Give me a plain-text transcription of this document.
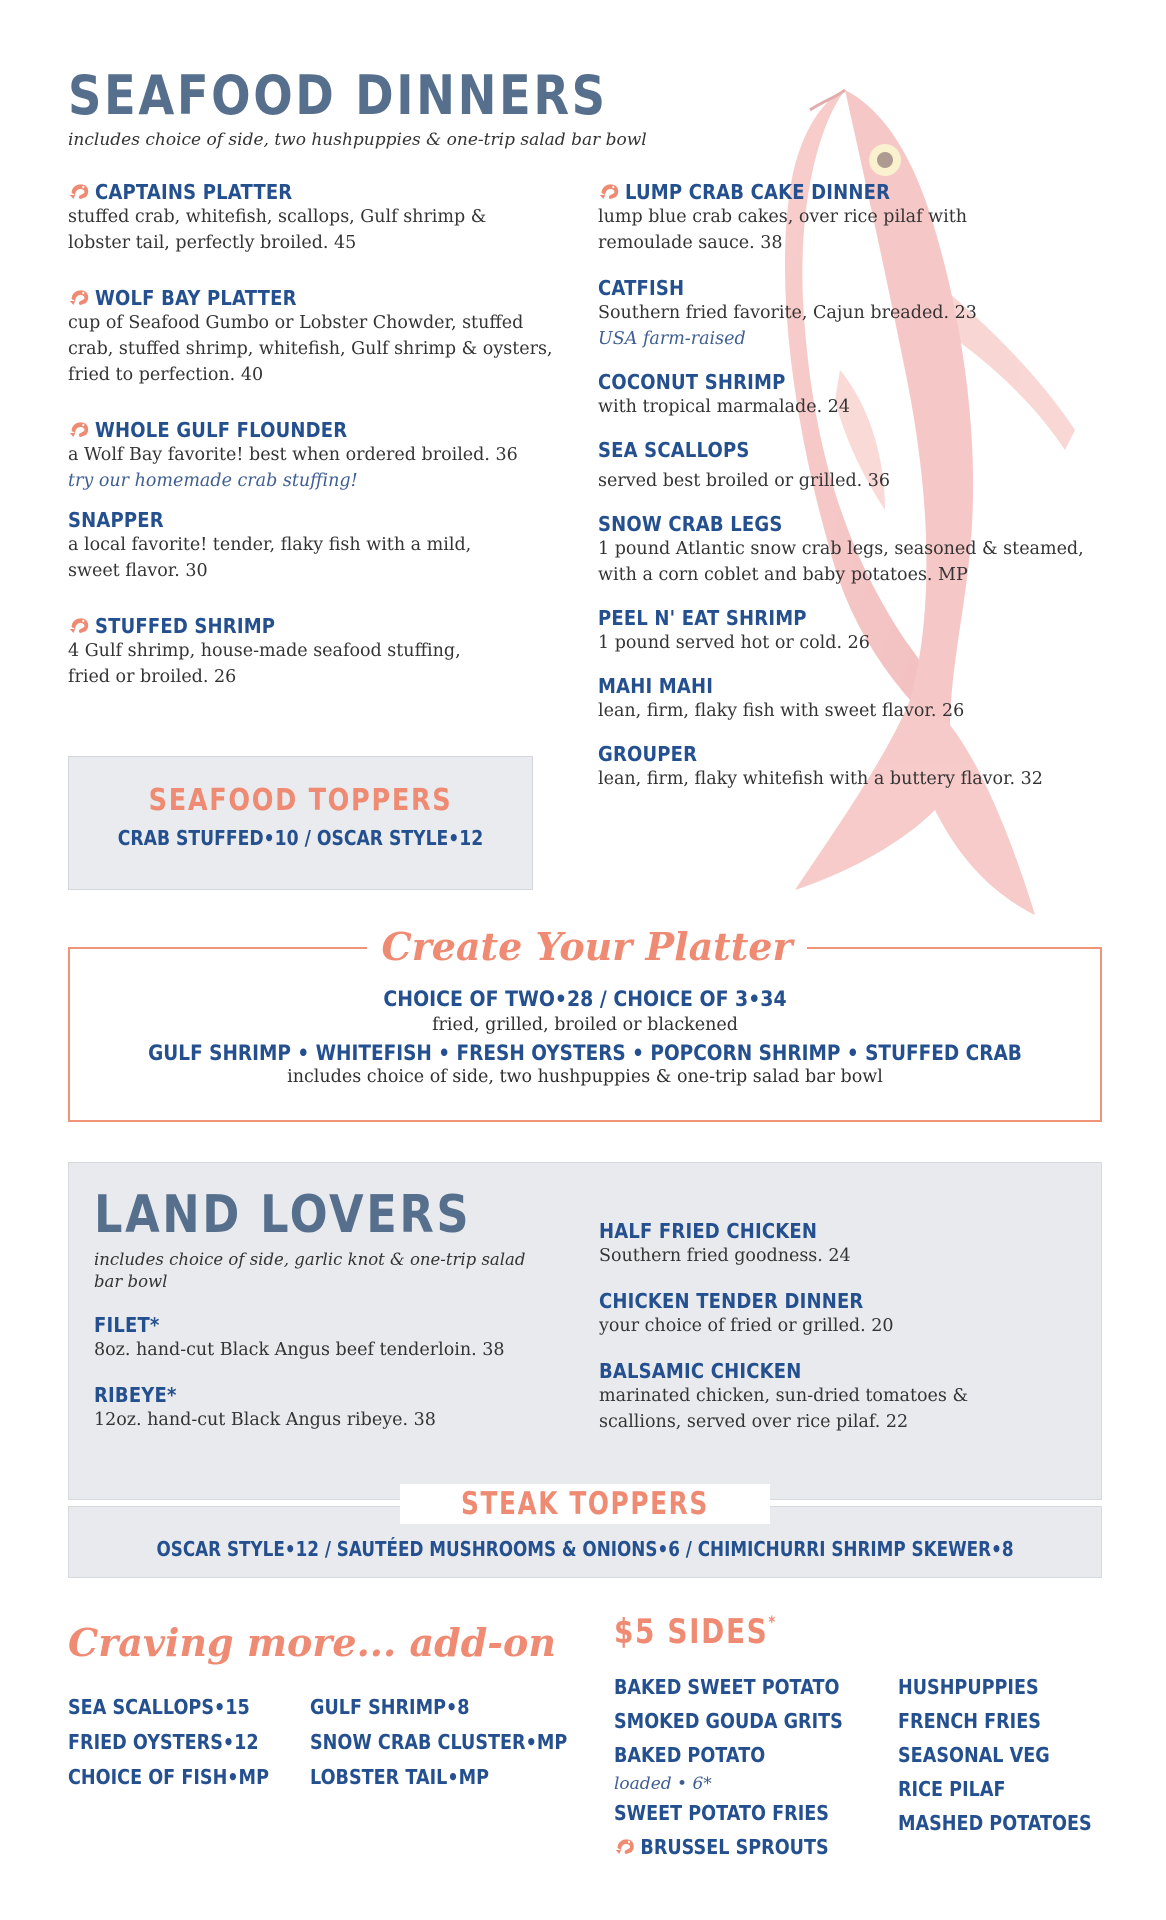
SEAFOOD DINNERS
includes choice of side, two hushpuppies & one-trip salad bar bowl
CAPTAINS PLATTER
stuffed crab, whitefish, scallops, Gulf shrimp & lobster tail, perfectly broiled. 45
WOLF BAY PLATTER
cup of Seafood Gumbo or Lobster Chowder, stuffed crab, stuffed shrimp, whitefish, Gulf shrimp & oysters, fried to perfection. 40
WHOLE GULF FLOUNDER
a Wolf Bay favorite! best when ordered broiled. 36
try our homemade crab stuffing!
SNAPPER
a local favorite! tender, flaky fish with a mild, sweet flavor. 30
STUFFED SHRIMP
4 Gulf shrimp, house-made seafood stuffing, fried or broiled. 26
LUMP CRAB CAKE DINNER
lump blue crab cakes, over rice pilaf with remoulade sauce. 38
CATFISH
Southern fried favorite, Cajun breaded. 23
USA farm-raised
COCONUT SHRIMP
with tropical marmalade. 24
SEA SCALLOPS
served best broiled or grilled. 36
SNOW CRAB LEGS
1 pound Atlantic snow crab legs, seasoned & steamed, with a corn coblet and baby potatoes. MP
PEEL N' EAT SHRIMP
1 pound served hot or cold. 26
MAHI MAHI
lean, firm, flaky fish with sweet flavor. 26
GROUPER
lean, firm, flaky whitefish with a buttery flavor. 32
SEAFOOD TOPPERS
CRAB STUFFED•10 / OSCAR STYLE•12
CHOICE OF TWO•28 / CHOICE OF 3•34
fried, grilled, broiled or blackened
GULF SHRIMP • WHITEFISH • FRESH OYSTERS • POPCORN SHRIMP • STUFFED CRAB
includes choice of side, two hushpuppies & one-trip salad bar bowl
Create Your Platter
LAND LOVERS
includes choice of side, garlic knot & one-trip salad bar bowl
FILET*
8oz. hand-cut Black Angus beef tenderloin. 38
RIBEYE*
12oz. hand-cut Black Angus ribeye. 38
HALF FRIED CHICKEN
Southern fried goodness. 24
CHICKEN TENDER DINNER
your choice of fried or grilled. 20
BALSAMIC CHICKEN
marinated chicken, sun-dried tomatoes & scallions, served over rice pilaf. 22
OSCAR STYLE•12 / SAUTÉED MUSHROOMS & ONIONS•6 / CHIMICHURRI SHRIMP SKEWER•8
STEAK TOPPERS
Craving more... add-on
SEA SCALLOPS•15
FRIED OYSTERS•12
CHOICE OF FISH•MP
GULF SHRIMP•8
SNOW CRAB CLUSTER•MP
LOBSTER TAIL•MP
$5 SIDES*
BAKED SWEET POTATO
SMOKED GOUDA GRITS
BAKED POTATO
loaded • 6*
SWEET POTATO FRIES
BRUSSEL SPROUTS
HUSHPUPPIES
FRENCH FRIES
SEASONAL VEG
RICE PILAF
MASHED POTATOES
